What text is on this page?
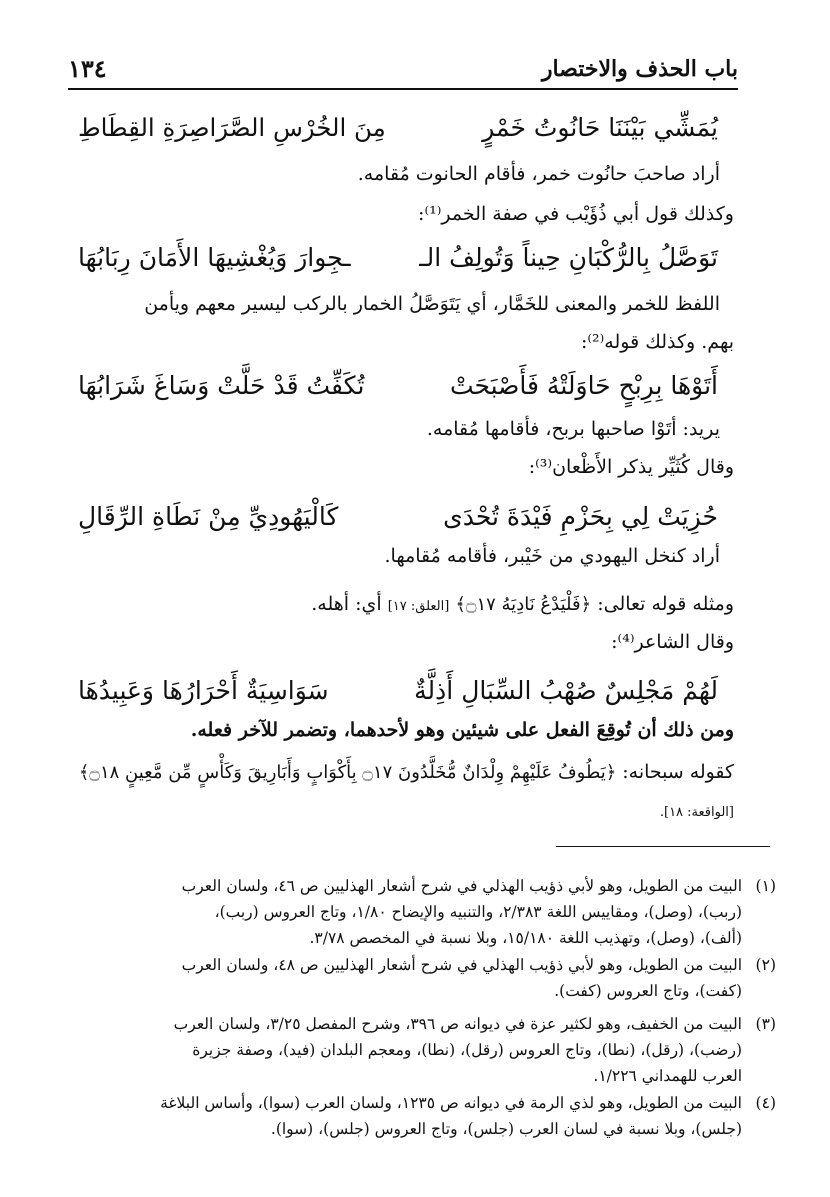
باب الحذف والاختصار
١٣٤
يُمَشِّي بَيْنَنَا حَانُوتُ خَمْرٍ
مِنَ الخُرْسِ الصَّرَاصِرَةِ القِطَاطِ
أراد صاحبَ حانُوت خمر، فأقام الحانوت مُقامه.
وكذلك قول أبي ذُؤَيْب في صفة الخمر⁽¹⁾:
تَوَصَّلُ بِالرُّكْبَانِ حِيناً وَتُولِفُ الـ
ـجِوارَ وَيُغْشِيهَا الأَمَانَ رِبَابُهَا
اللفظ للخمر والمعنى للخَمَّار، أي يَتَوَصَّلُ الخمار بالركب ليسير معهم ويأمن
بهم. وكذلك قوله⁽²⁾:
أَتَوْهَا بِرِبْحٍ حَاوَلَتْهُ فَأَصْبَحَتْ
تُكَفِّتُ قَدْ حَلَّتْ وَسَاغَ شَرَابُهَا
يريد: أتَوْا صاحبها بربح، فأقامها مُقامه.
وقال كُثَيِّر يذكر الأَظْعان⁽³⁾:
حُزِيَتْ لِي بِحَزْمِ فَيْدَةَ تُحْدَى
كَالْيَهُودِيِّ مِنْ نَطَاةِ الرِّقَالِ
أراد كنخل اليهودي من خَيْبر، فأقامه مُقامها.
ومثله قوله تعالى: ﴿فَلْيَدْعُ نَادِيَهُ ۝١٧﴾ [العلق: ١٧] أي: أهله.
وقال الشاعر⁽⁴⁾:
لَهُمْ مَجْلِسٌ صُهْبُ السِّبَالِ أَذِلَّةٌ
سَوَاسِيَةٌ أَحْرَارُهَا وَعَبِيدُهَا
ومن ذلك أن تُوقِعَ الفعل على شيئين وهو لأحدهما، وتضمر للآخر فعله.
كقوله سبحانه: ﴿يَطُوفُ عَلَيْهِمْ وِلْدَانٌ مُّخَلَّدُونَ ۝١٧ بِأَكْوَابٍ وَأَبَارِيقَ وَكَأْسٍ مِّن مَّعِينٍ ۝١٨﴾
[الواقعة: ١٨].
(١)
البيت من الطويل، وهو لأبي ذؤيب الهذلي في شرح أشعار الهذليين ص ٤٦، ولسان العرب
(ربب)، (وصل)، ومقاييس اللغة ٢/٣٨٣، والتنبيه والإيضاح ١/٨٠، وتاج العروس (ربب)،
(ألف)، (وصل)، وتهذيب اللغة ١٥/١٨٠، وبلا نسبة في المخصص ٣/٧٨.
(٢)
البيت من الطويل، وهو لأبي ذؤيب الهذلي في شرح أشعار الهذليين ص ٤٨، ولسان العرب
(كفت)، وتاج العروس (كفت).
(٣)
البيت من الخفيف، وهو لكثير عزة في ديوانه ص ٣٩٦، وشرح المفصل ٣/٢٥، ولسان العرب
(رضب)، (رقل)، (نطا)، وتاج العروس (رقل)، (نطا)، ومعجم البلدان (فيد)، وصفة جزيرة
العرب للهمداني ١/٢٢٦.
(٤)
البيت من الطويل، وهو لذي الرمة في ديوانه ص ١٢٣٥، ولسان العرب (سوا)، وأساس البلاغة
(جلس)، وبلا نسبة في لسان العرب (جلس)، وتاج العروس (جلس)، (سوا).
